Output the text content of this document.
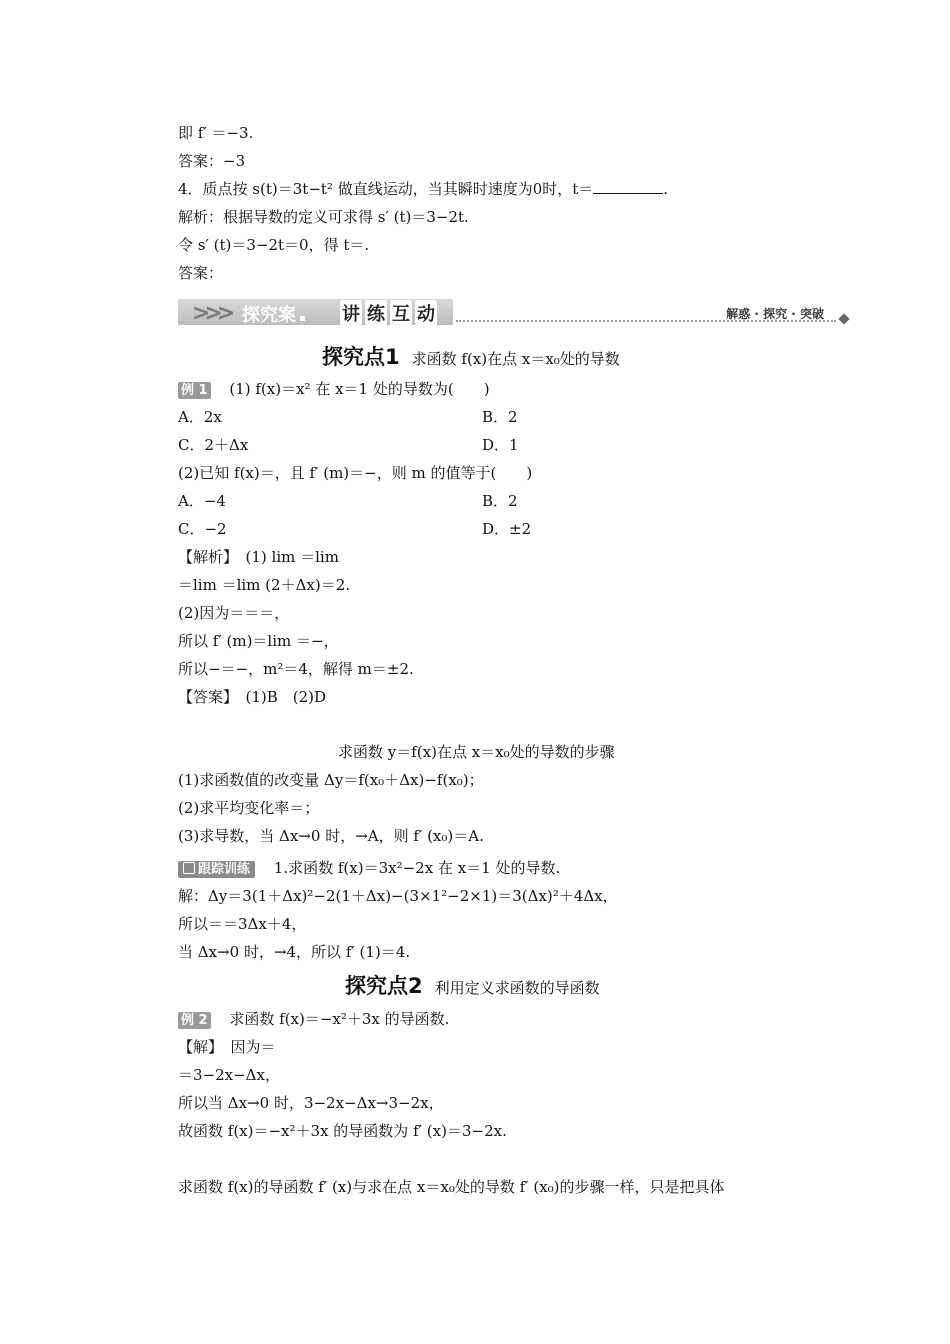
即 f′ ＝−3.
答案：−3
4．质点按 s(t)＝3t−t² 做直线运动，当其瞬时速度为0时，t＝	.
解析：根据导数的定义可求得 s′ (t)＝3−2t.
令 s′ (t)＝3−2t＝0，得 t＝.
答案：
>>> 探究案 ▪ 讲 练 互 动	解惑 · 探究 · 突破
探究点1 求函数 f(x)在点 x＝x₀处的导数
例 1 (1) f(x)＝x² 在 x＝1 处的导数为(　　)
A．2x	B．2
C．2＋Δx	D．1
(2)已知 f(x)＝，且 f′ (m)＝−，则 m 的值等于(　　)
A．−4	B．2
C．−2	D．±2
【解析】　(1) lim ＝lim
＝lim ＝lim (2＋Δx)＝2.
(2)因为＝＝＝，
所以 f′ (m)＝lim ＝−，
所以−＝−，m²＝4，解得 m＝±2.
【答案】　(1)B　(2)D
求函数 y＝f(x)在点 x＝x₀处的导数的步骤
(1)求函数值的改变量 Δy＝f(x₀＋Δx)−f(x₀)；
(2)求平均变化率＝；
(3)求导数，当 Δx→0 时，→A，则 f′ (x₀)＝A.
跟踪训练 1.求函数 f(x)＝3x²−2x 在 x＝1 处的导数.
解：Δy＝3(1＋Δx)²−2(1＋Δx)−(3×1²−2×1)＝3(Δx)²＋4Δx，
所以＝＝3Δx＋4，
当 Δx→0 时，→4，所以 f′ (1)＝4.
探究点2 利用定义求函数的导函数
例 2 求函数 f(x)＝−x²＋3x 的导函数.
【解】　因为＝
＝3−2x−Δx，
所以当 Δx→0 时，3−2x−Δx→3−2x，
故函数 f(x)＝−x²＋3x 的导函数为 f′ (x)＝3−2x.
求函数 f(x)的导函数 f′ (x)与求在点 x＝x₀处的导数 f′ (x₀)的步骤一样，只是把具体
